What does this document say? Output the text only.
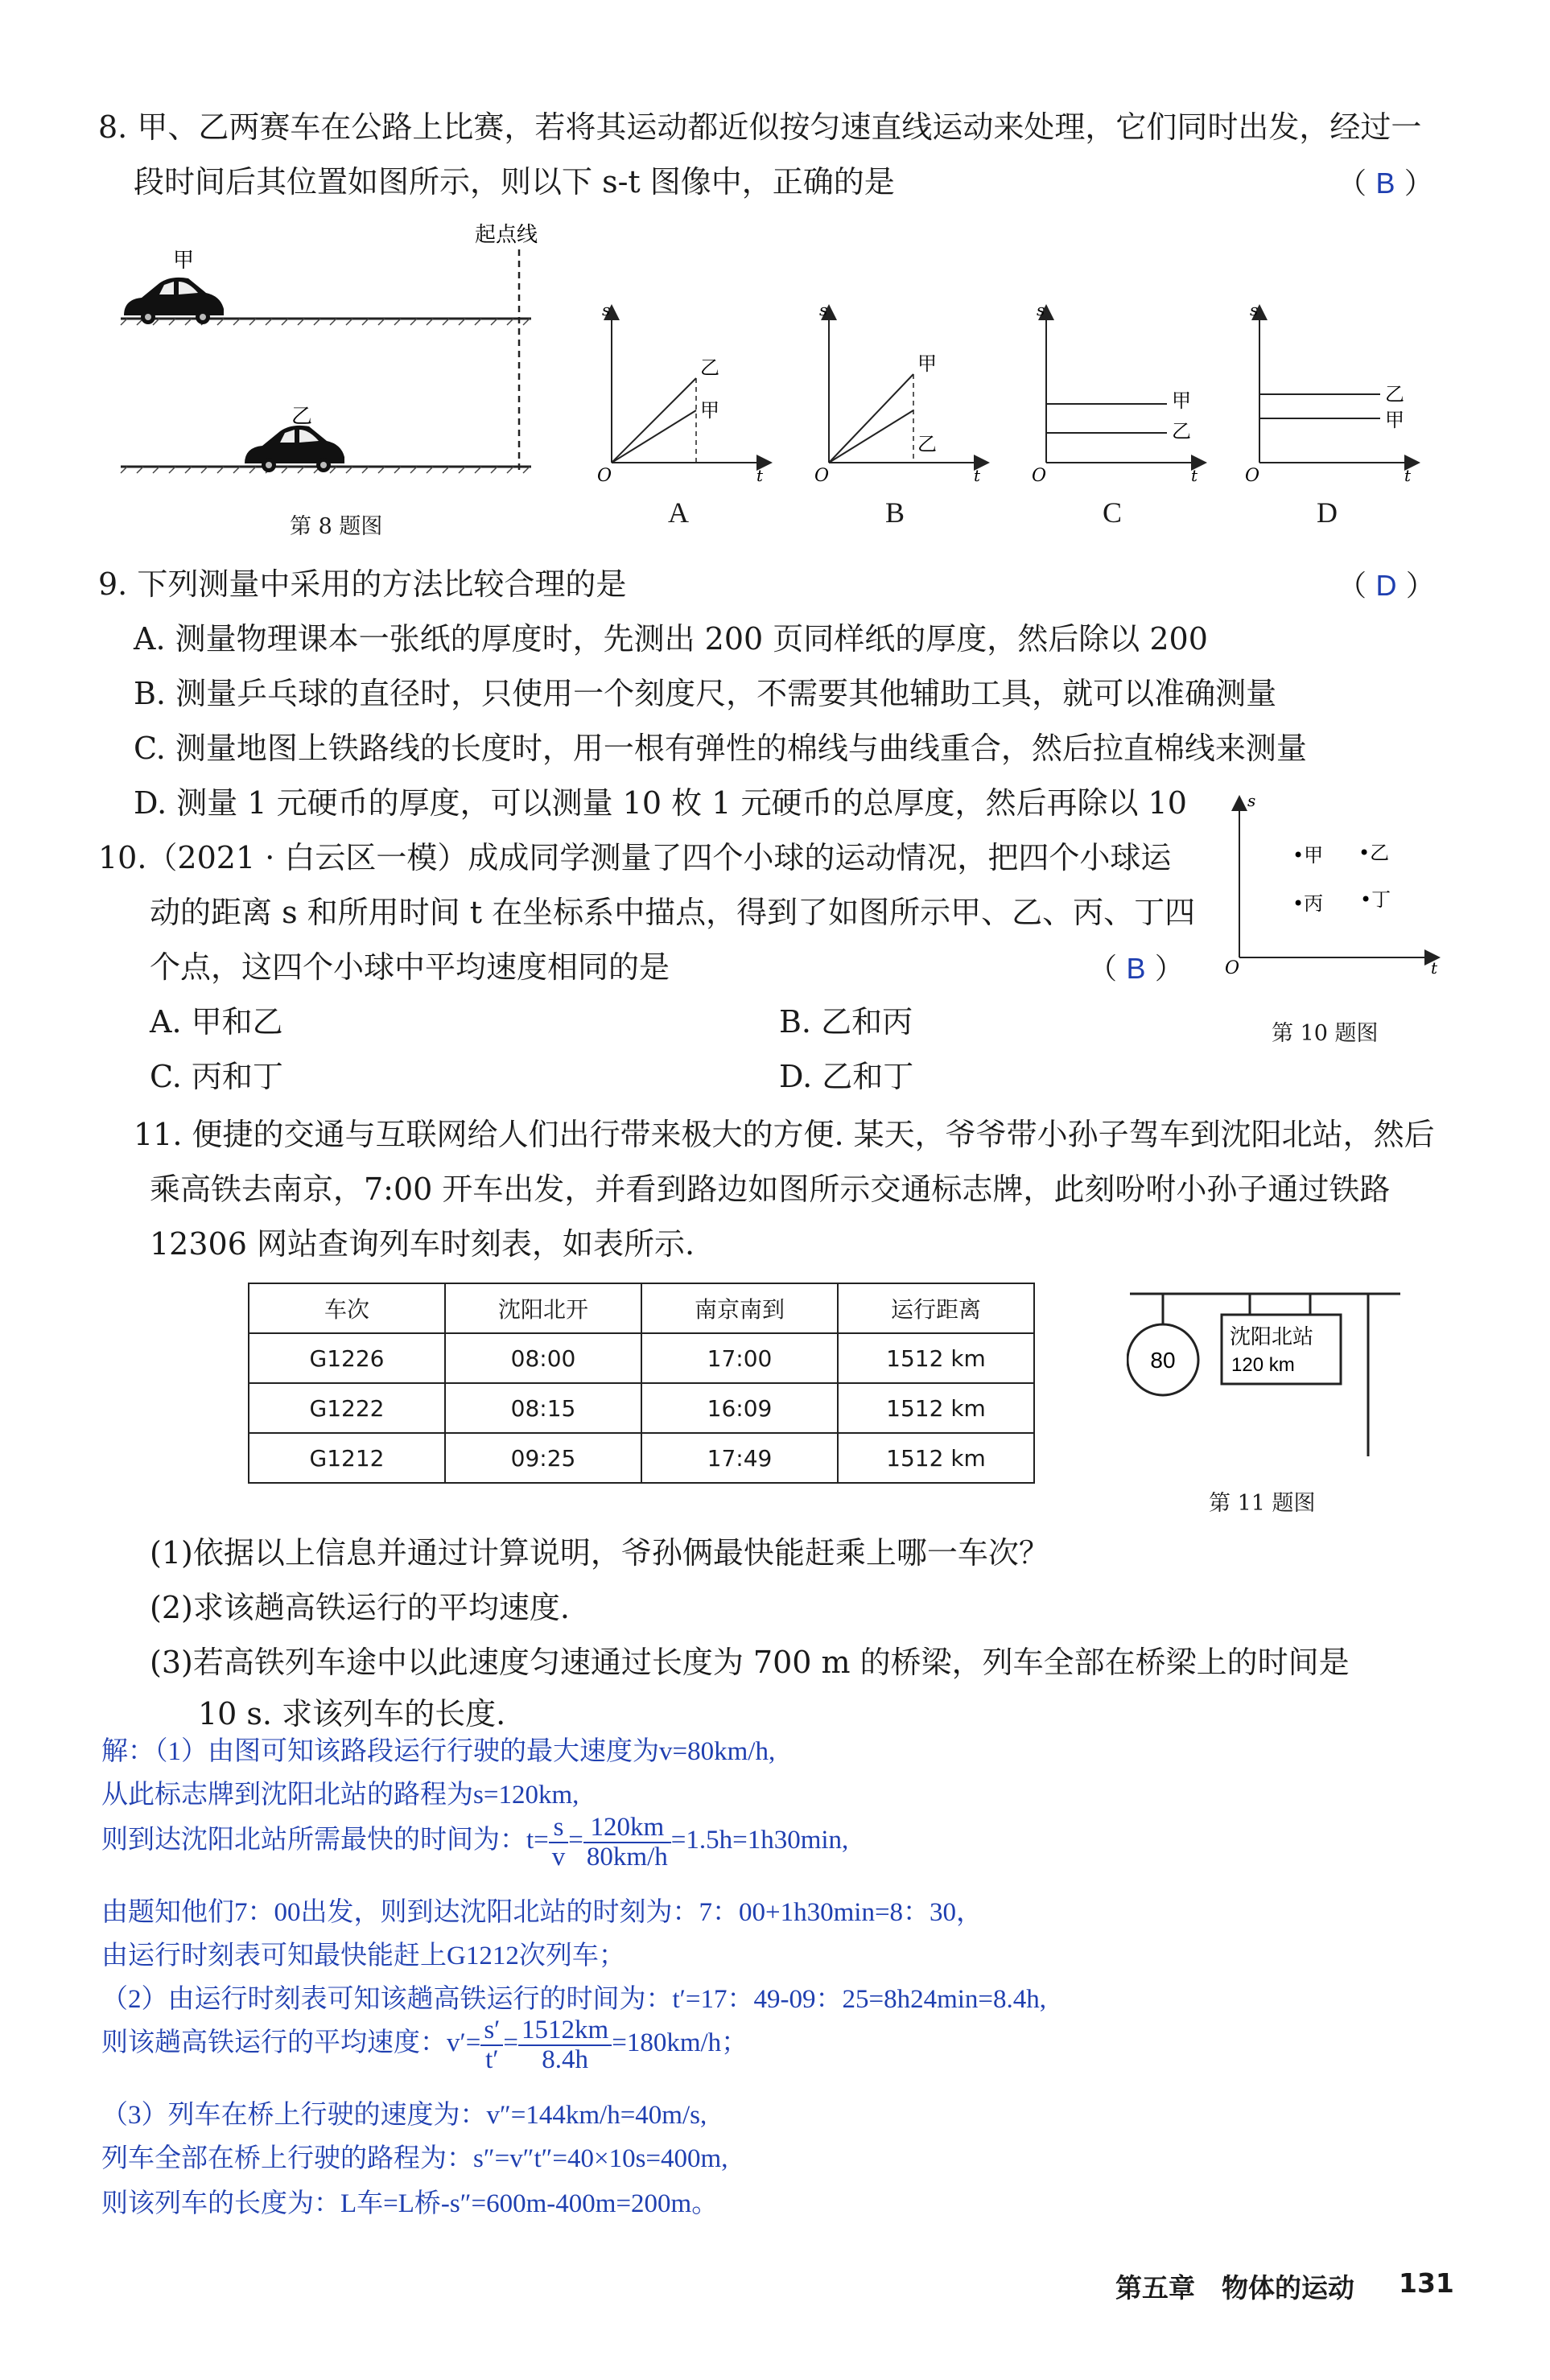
8. 甲、乙两赛车在公路上比赛，若将其运动都近似按匀速直线运动来处理，它们同时出发，经过一
段时间后其位置如图所示，则以下 s-t 图像中，正确的是	（ B ）
甲
乙
起点线
第 8 题图
s
t
O
乙
甲
s
t
O
甲
乙
s
t
O
甲
乙
s
t
O
乙
甲
A	B	C	D
9. 下列测量中采用的方法比较合理的是	（ D ）
A. 测量物理课本一张纸的厚度时，先测出 200 页同样纸的厚度，然后除以 200
B. 测量乒乓球的直径时，只使用一个刻度尺，不需要其他辅助工具，就可以准确测量
C. 测量地图上铁路线的长度时，用一根有弹性的棉线与曲线重合，然后拉直棉线来测量
D. 测量 1 元硬币的厚度，可以测量 10 枚 1 元硬币的总厚度，然后再除以 10
10.（2021 · 白云区一模）成成同学测量了四个小球的运动情况，把四个小球运
动的距离 s 和所用时间 t 在坐标系中描点，得到了如图所示甲、乙、丙、丁四
个点，这四个小球中平均速度相同的是	（ B ）
A. 甲和乙	B. 乙和丙
C. 丙和丁	D. 乙和丁
s
t
O
•甲 •乙
•丙 •丁
第 10 题图
11. 便捷的交通与互联网给人们出行带来极大的方便. 某天，爷爷带小孙子驾车到沈阳北站，然后
乘高铁去南京，7:00 开车出发，并看到路边如图所示交通标志牌，此刻吩咐小孙子通过铁路
12306 网站查询列车时刻表，如表所示.
车次	沈阳北开	南京南到	运行距离
G1226	08:00	17:00	1512 km
G1222	08:15	16:09	1512 km
G1212	09:25	17:49	1512 km
80
沈阳北站
120 km
第 11 题图
(1)依据以上信息并通过计算说明，爷孙俩最快能赶乘上哪一车次？
(2)求该趟高铁运行的平均速度.
(3)若高铁列车途中以此速度匀速通过长度为 700 m 的桥梁，列车全部在桥梁上的时间是
10 s. 求该列车的长度.
解：（1）由图可知该路段运行行驶的最大速度为v=80km/h,
从此标志牌到沈阳北站的路程为s=120km,
则到达沈阳北站所需最快的时间为：$t= \frac{s}{v} = \frac{120km}{80km/h} =1.5h=1h30\min$,
由题知他们7：00出发，则到达沈阳北站的时刻为：7：00+1h30min=8：30，
由运行时刻表可知最快能赶上G1212次列车；
（2）由运行时刻表可知该趟高铁运行的时间为：t′=17：49-09：25=8h24min=8.4h,
则该趟高铁运行的平均速度：$v'= \frac{s'}{t'} = \frac{1512km}{8.4h} =180km/h$；
（3）列车在桥上行驶的速度为：v″=144km/h=40m/s,
列车全部在桥上行驶的路程为：s″=v″t″=40×10s=400m,
则该列车的长度为：L车=L桥-s″=600m-400m=200m。
第五章　物体的运动 131
